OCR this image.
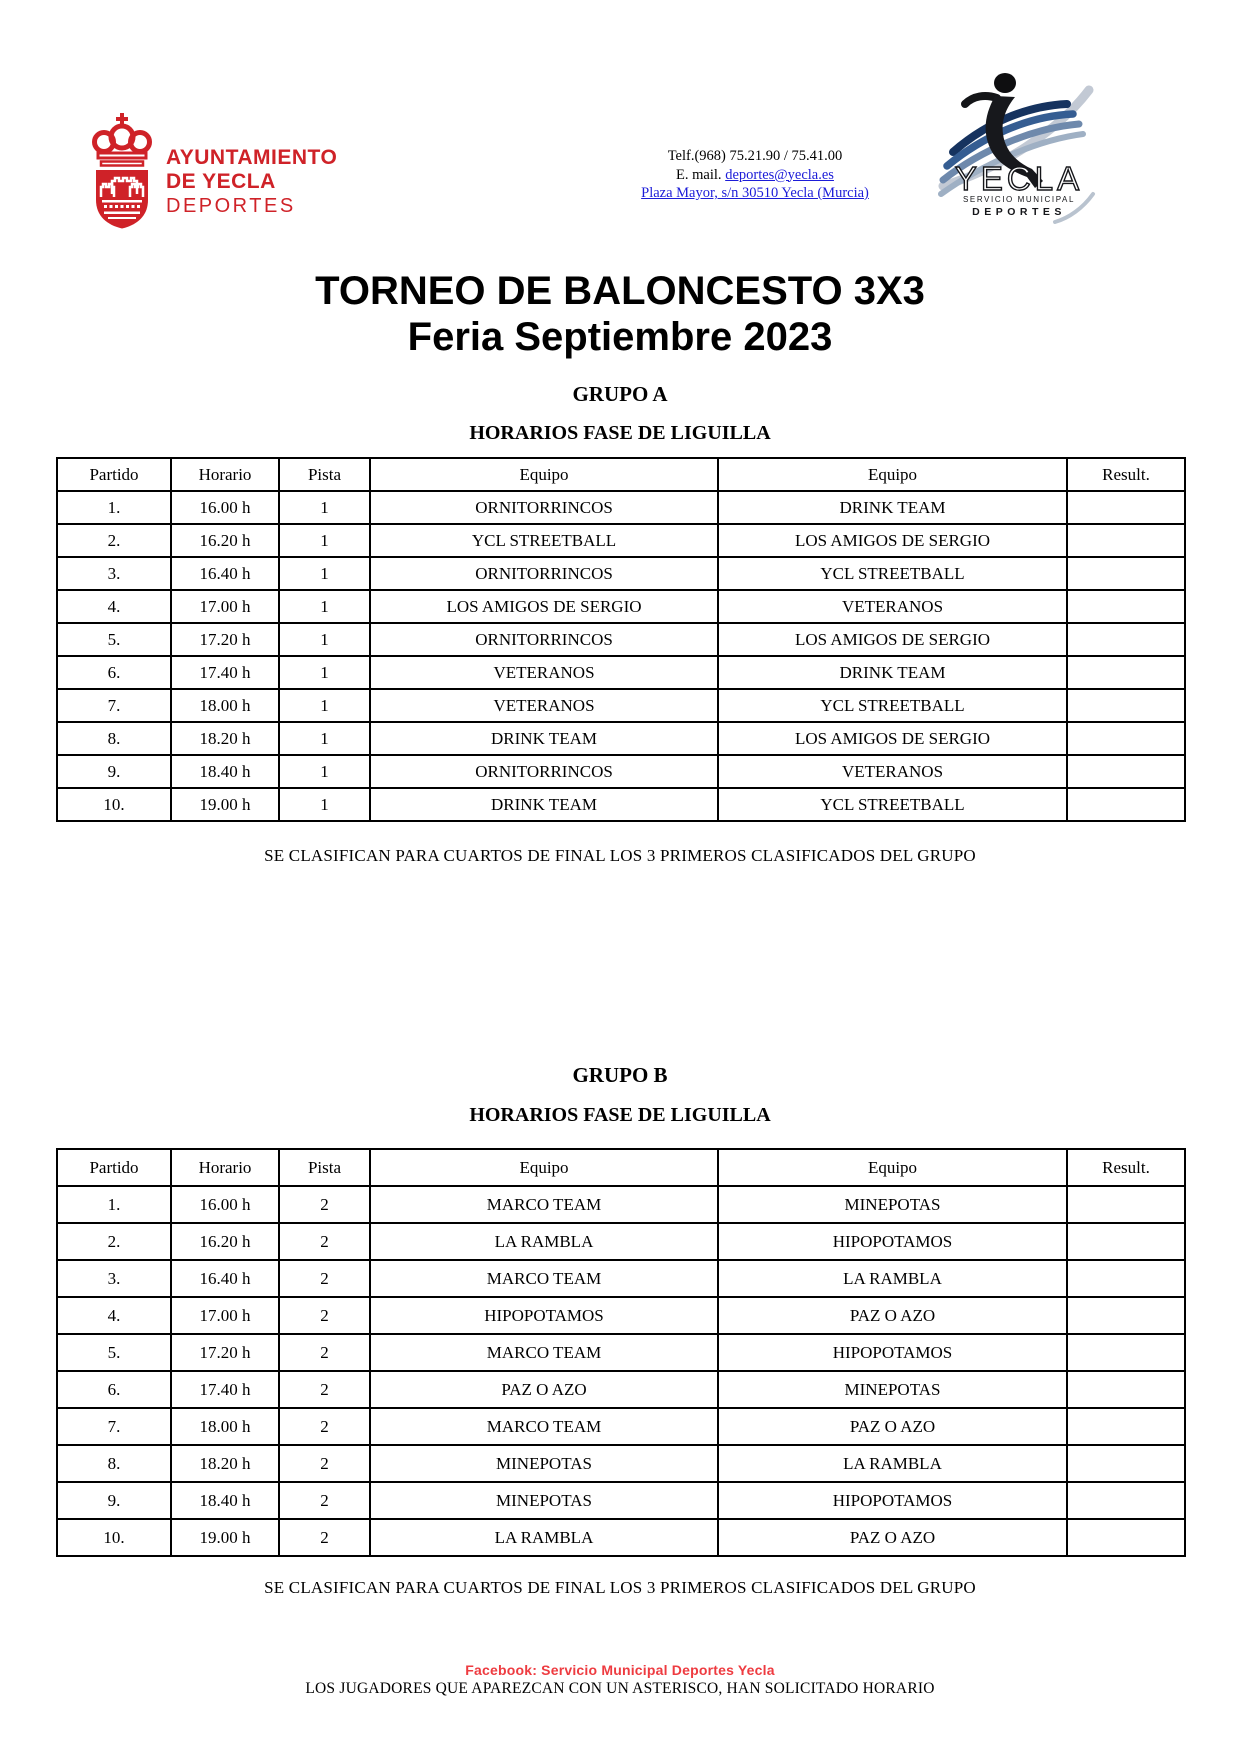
AYUNTAMIENTO
DE YECLA
DEPORTES
Telf.(968) 75.21.90 / 75.41.00
E. mail. deportes@yecla.es
Plaza Mayor, s/n 30510 Yecla (Murcia)	YECLA
SERVICIO MUNICIPAL
DEPORTES
TORNEO DE BALONCESTO 3X3
Feria Septiembre 2023
GRUPO A
HORARIOS FASE DE LIGUILLA
Partido	Horario	Pista	Equipo	Equipo	Result.
1.	16.00 h	1	ORNITORRINCOS	DRINK TEAM	
2.	16.20 h	1	YCL STREETBALL	LOS AMIGOS DE SERGIO	
3.	16.40 h	1	ORNITORRINCOS	YCL STREETBALL	
4.	17.00 h	1	LOS AMIGOS DE SERGIO	VETERANOS	
5.	17.20 h	1	ORNITORRINCOS	LOS AMIGOS DE SERGIO	
6.	17.40 h	1	VETERANOS	DRINK TEAM	
7.	18.00 h	1	VETERANOS	YCL STREETBALL	
8.	18.20 h	1	DRINK TEAM	LOS AMIGOS DE SERGIO	
9.	18.40 h	1	ORNITORRINCOS	VETERANOS	
10.	19.00 h	1	DRINK TEAM	YCL STREETBALL	
SE CLASIFICAN PARA CUARTOS DE FINAL LOS 3 PRIMEROS CLASIFICADOS DEL GRUPO
GRUPO B
HORARIOS FASE DE LIGUILLA
Partido	Horario	Pista	Equipo	Equipo	Result.
1.	16.00 h	2	MARCO TEAM	MINEPOTAS	
2.	16.20 h	2	LA RAMBLA	HIPOPOTAMOS	
3.	16.40 h	2	MARCO TEAM	LA RAMBLA	
4.	17.00 h	2	HIPOPOTAMOS	PAZ O AZO	
5.	17.20 h	2	MARCO TEAM	HIPOPOTAMOS	
6.	17.40 h	2	PAZ O AZO	MINEPOTAS	
7.	18.00 h	2	MARCO TEAM	PAZ O AZO	
8.	18.20 h	2	MINEPOTAS	LA RAMBLA	
9.	18.40 h	2	MINEPOTAS	HIPOPOTAMOS	
10.	19.00 h	2	LA RAMBLA	PAZ O AZO	
SE CLASIFICAN PARA CUARTOS DE FINAL LOS 3 PRIMEROS CLASIFICADOS DEL GRUPO
Facebook: Servicio Municipal Deportes Yecla
LOS JUGADORES QUE APAREZCAN CON UN ASTERISCO, HAN SOLICITADO HORARIO
